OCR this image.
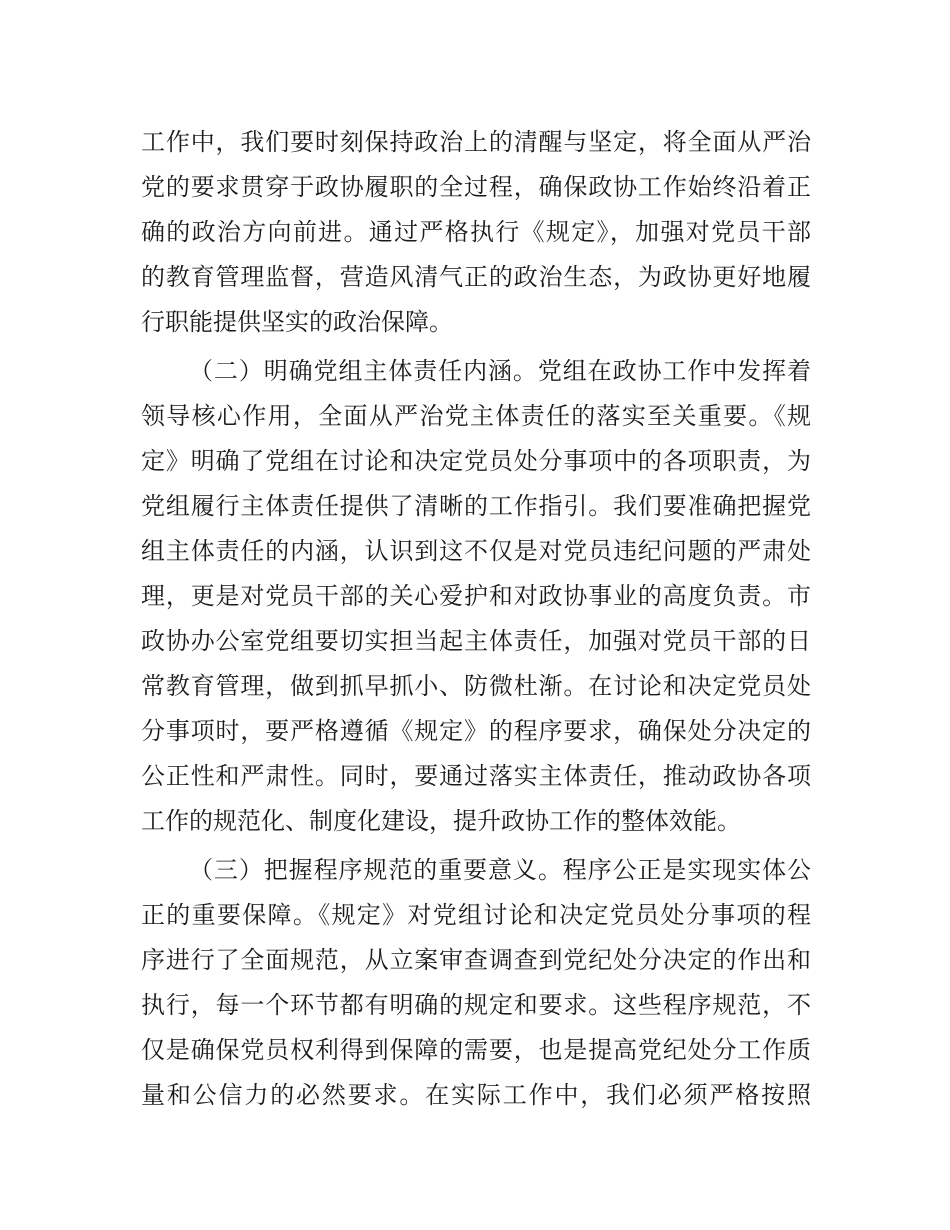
工作中，我们要时刻保持政治上的清醒与坚定，将全面从严治
党的要求贯穿于政协履职的全过程，确保政协工作始终沿着正
确的政治方向前进。通过严格执行《规定》，加强对党员干部
的教育管理监督，营造风清气正的政治生态，为政协更好地履
行职能提供坚实的政治保障。
（二）明确党组主体责任内涵。党组在政协工作中发挥着
领导核心作用，全面从严治党主体责任的落实至关重要。《规
定》明确了党组在讨论和决定党员处分事项中的各项职责，为
党组履行主体责任提供了清晰的工作指引。我们要准确把握党
组主体责任的内涵，认识到这不仅是对党员违纪问题的严肃处
理，更是对党员干部的关心爱护和对政协事业的高度负责。市
政协办公室党组要切实担当起主体责任，加强对党员干部的日
常教育管理，做到抓早抓小、防微杜渐。在讨论和决定党员处
分事项时，要严格遵循《规定》的程序要求，确保处分决定的
公正性和严肃性。同时，要通过落实主体责任，推动政协各项
工作的规范化、制度化建设，提升政协工作的整体效能。
（三）把握程序规范的重要意义。程序公正是实现实体公
正的重要保障。《规定》对党组讨论和决定党员处分事项的程
序进行了全面规范，从立案审查调查到党纪处分决定的作出和
执行，每一个环节都有明确的规定和要求。这些程序规范，不
仅是确保党员权利得到保障的需要，也是提高党纪处分工作质
量和公信力的必然要求。在实际工作中，我们必须严格按照
